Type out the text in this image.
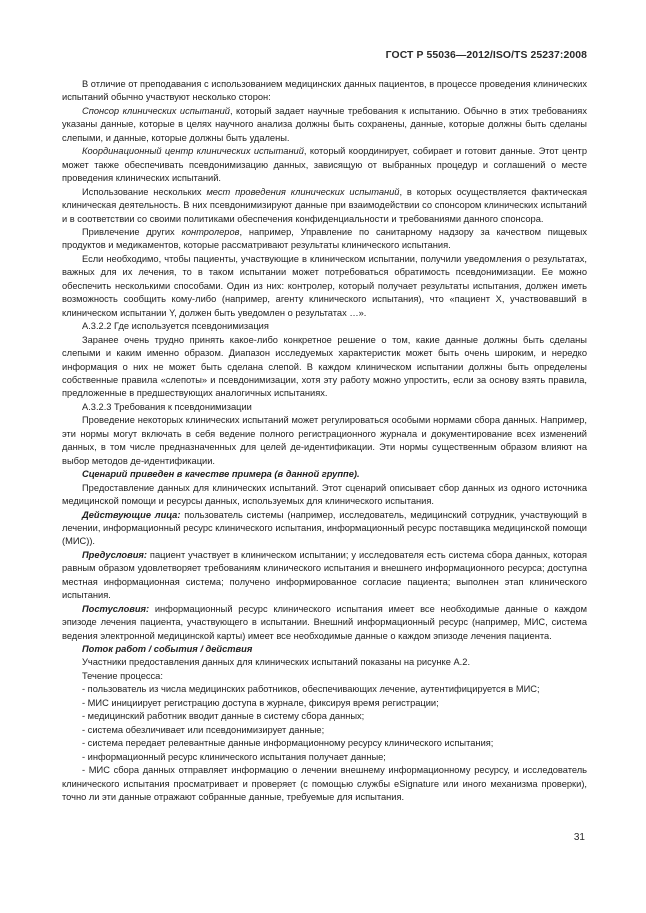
ГОСТ Р 55036—2012/ISO/TS 25237:2008

В отличие от преподавания с использованием медицинских данных пациентов, в процессе проведения клинических испытаний обычно участвуют несколько сторон:

Спонсор клинических испытаний, который задает научные требования к испытанию. Обычно в этих требованиях указаны данные, которые в целях научного анализа должны быть сохранены, данные, которые должны быть сделаны слепыми, и данные, которые должны быть удалены.

Координационный центр клинических испытаний, который координирует, собирает и готовит данные. Этот центр может также обеспечивать псевдонимизацию данных, зависящую от выбранных процедур и соглашений о месте проведения клинических испытаний.

Использование нескольких мест проведения клинических испытаний, в которых осуществляется фактическая клиническая деятельность. В них псевдонимизируют данные при взаимодействии со спонсором клинических испытаний и в соответствии со своими политиками обеспечения конфиденциальности и требованиями данного спонсора.

Привлечение других контролеров, например, Управление по санитарному надзору за качеством пищевых продуктов и медикаментов, которые рассматривают результаты клинического испытания.

Если необходимо, чтобы пациенты, участвующие в клиническом испытании, получили уведомления о результатах, важных для их лечения, то в таком испытании может потребоваться обратимость псевдонимизации. Ее можно обеспечить несколькими способами. Один из них: контролер, который получает результаты испытания, должен иметь возможность сообщить кому-либо (например, агенту клинического испытания), что «пациент X, участвовавший в клиническом испытании Y, должен быть уведомлен о результатах …».

А.3.2.2 Где используется псевдонимизация

Заранее очень трудно принять какое-либо конкретное решение о том, какие данные должны быть сделаны слепыми и каким именно образом. Диапазон исследуемых характеристик может быть очень широким, и нередко информация о них не может быть сделана слепой. В каждом клиническом испытании должны быть определены собственные правила «слепоты» и псевдонимизации, хотя эту работу можно упростить, если за основу взять правила, предложенные в предшествующих аналогичных испытаниях.

А.3.2.3 Требования к псевдонимизации

Проведение некоторых клинических испытаний может регулироваться особыми нормами сбора данных. Например, эти нормы могут включать в себя ведение полного регистрационного журнала и документирование всех изменений данных, в том числе предназначенных для целей де-идентификации. Эти нормы существенным образом влияют на выбор методов де-идентификации.

Сценарий приведен в качестве примера (в данной группе).

Предоставление данных для клинических испытаний. Этот сценарий описывает сбор данных из одного источника медицинской помощи и ресурсы данных, используемых для клинического испытания.

Действующие лица: пользователь системы (например, исследователь, медицинский сотрудник, участвующий в лечении, информационный ресурс клинического испытания, информационный ресурс поставщика медицинской помощи (МИС)).

Предусловия: пациент участвует в клиническом испытании; у исследователя есть система сбора данных, которая равным образом удовлетворяет требованиям клинического испытания и внешнего информационного ресурса; доступна местная информационная система; получено информированное согласие пациента; выполнен этап клинического испытания.

Постусловия: информационный ресурс клинического испытания имеет все необходимые данные о каждом эпизоде лечения пациента, участвующего в испытании. Внешний информационный ресурс (например, МИС, система ведения электронной медицинской карты) имеет все необходимые данные о каждом эпизоде лечения пациента.

Поток работ / события / действия

Участники предоставления данных для клинических испытаний показаны на рисунке А.2.

Течение процесса:

- пользователь из числа медицинских работников, обеспечивающих лечение, аутентифицируется в МИС;

- МИС инициирует регистрацию доступа в журнале, фиксируя время регистрации;

- медицинский работник вводит данные в систему сбора данных;

- система обезличивает или псевдонимизирует данные;

- система передает релевантные данные информационному ресурсу клинического испытания;

- информационный ресурс клинического испытания получает данные;

- МИС сбора данных отправляет информацию о лечении внешнему информационному ресурсу, и исследователь клинического испытания просматривает и проверяет (с помощью службы eSignature или иного механизма проверки), точно ли эти данные отражают собранные данные, требуемые для испытания.

31
